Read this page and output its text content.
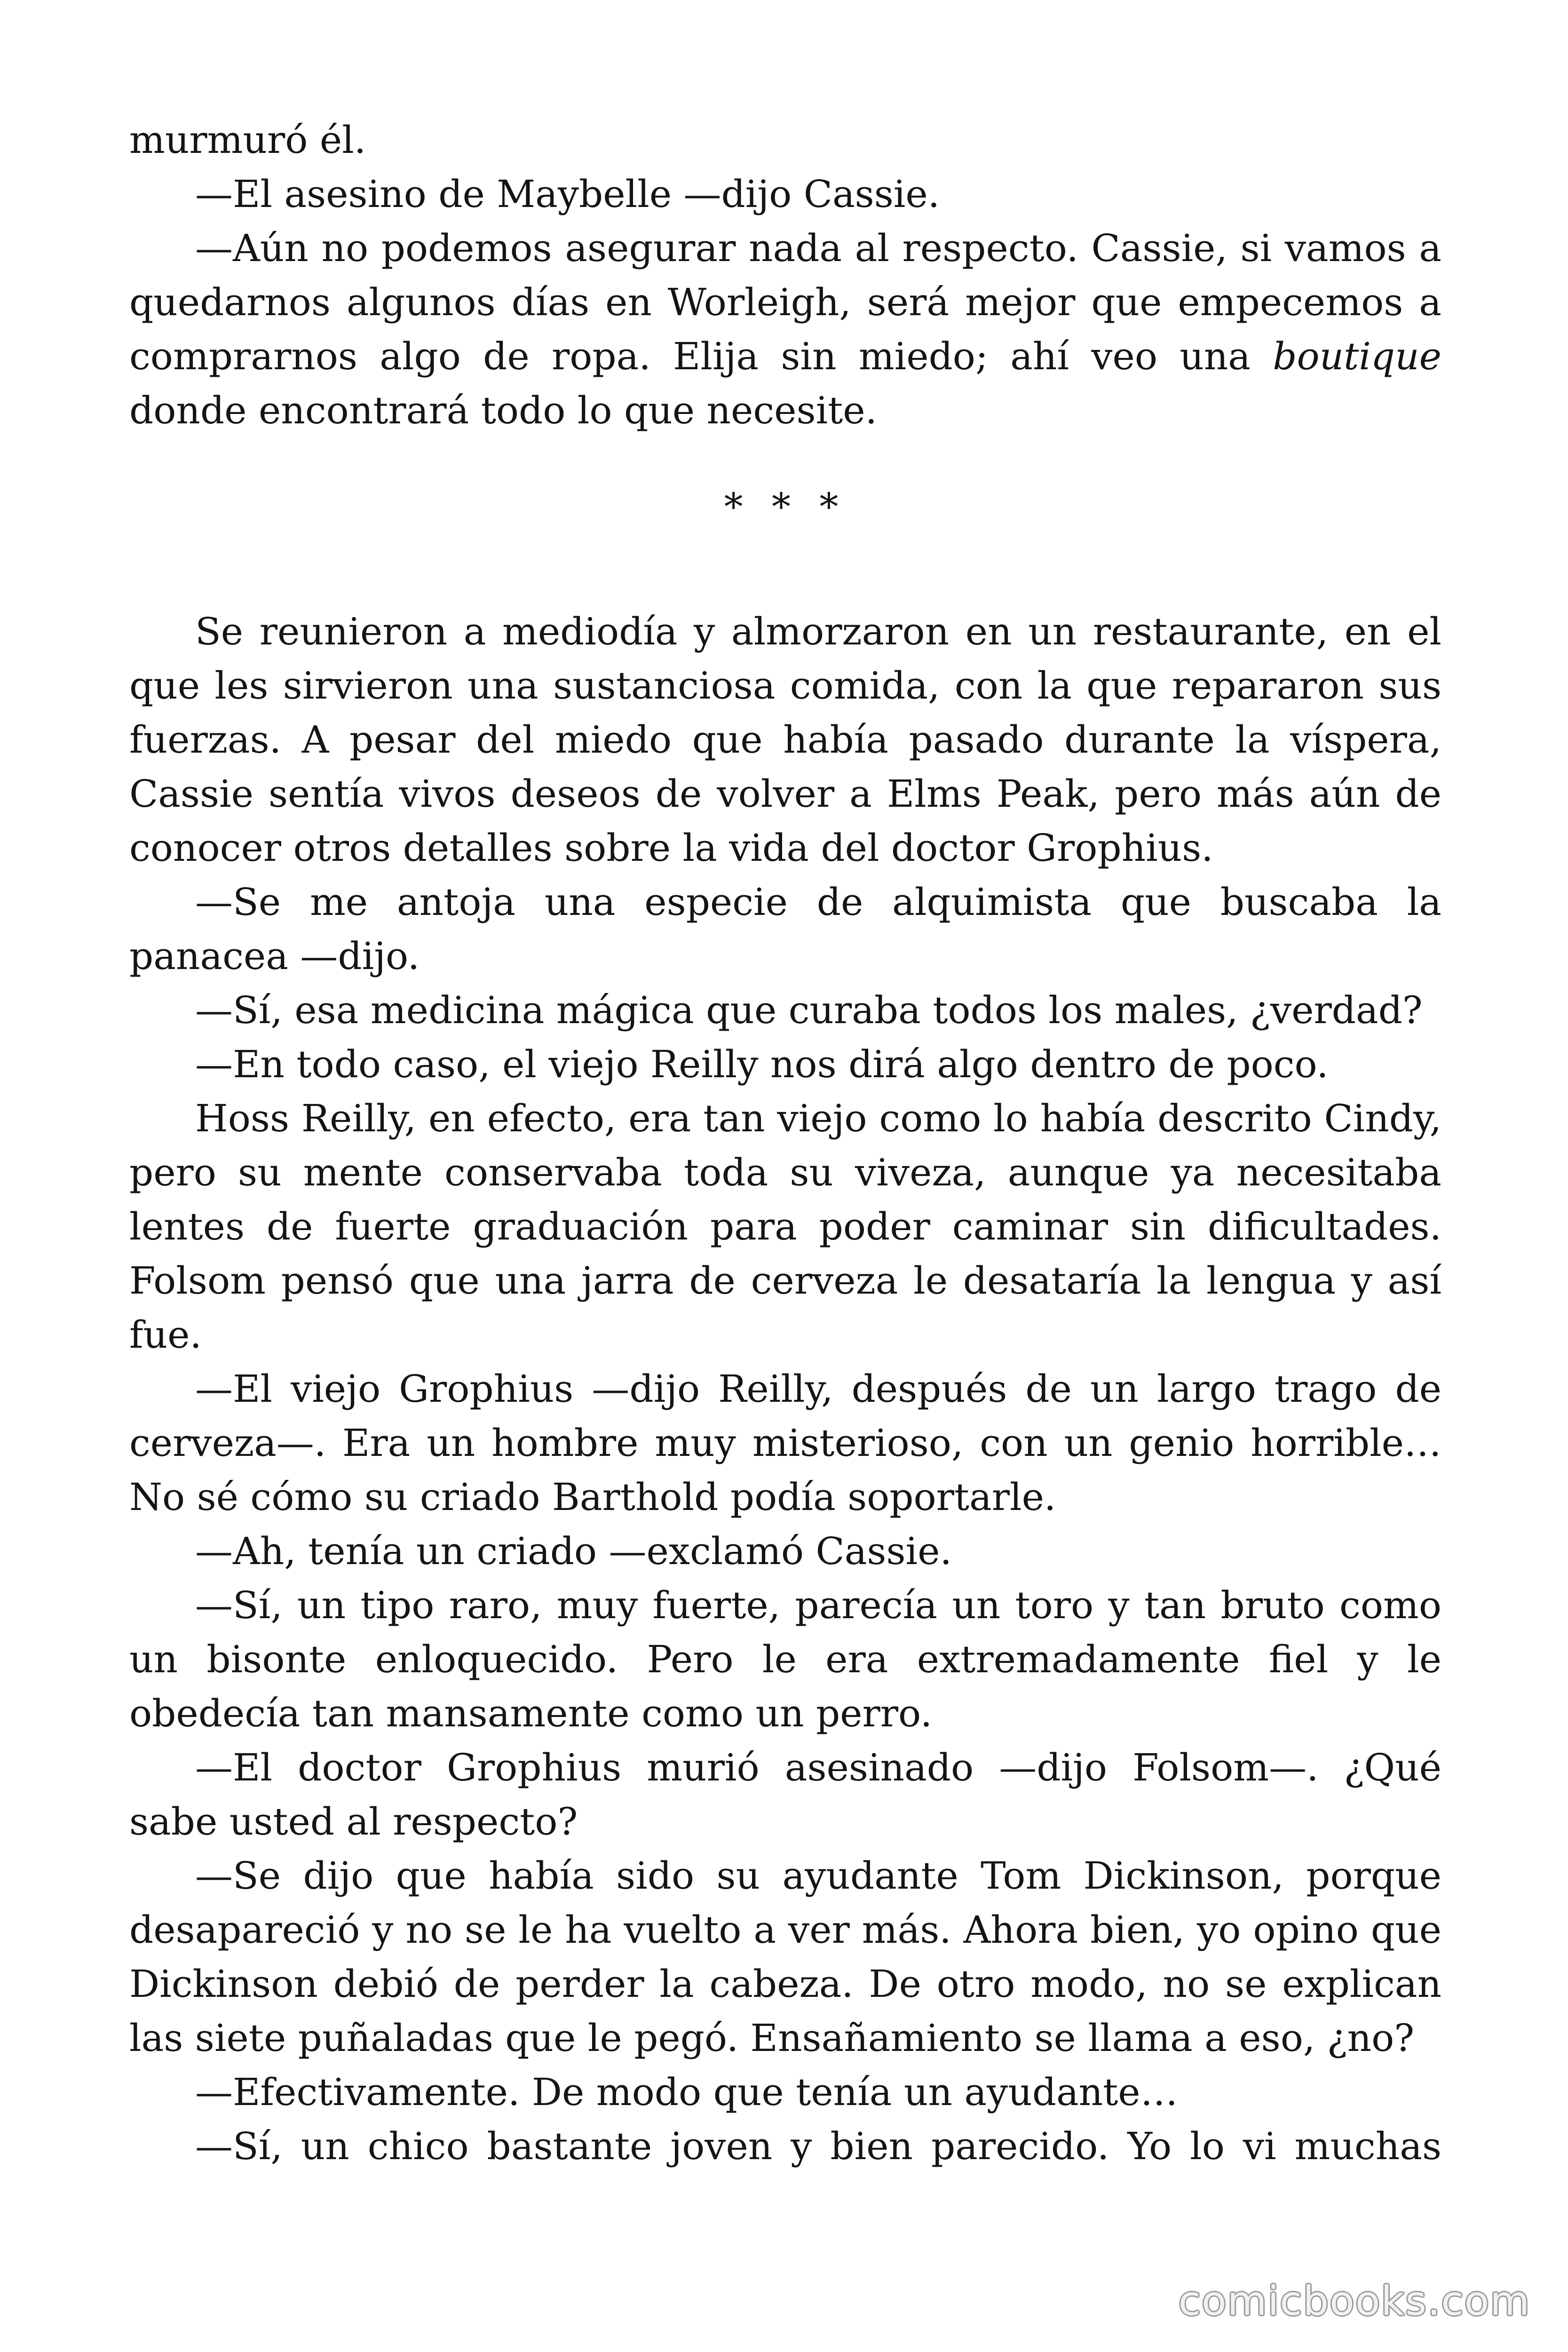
murmuró él.

—El asesino de Maybelle —dijo Cassie.

—Aún no podemos asegurar nada al respecto. Cassie, si vamos a quedarnos algunos días en Worleigh, será mejor que empecemos a comprarnos algo de ropa. Elija sin miedo; ahí veo una boutique donde encontrará todo lo que necesite.

* * *

Se reunieron a mediodía y almorzaron en un restaurante, en el que les sirvieron una sustanciosa comida, con la que repararon sus fuerzas. A pesar del miedo que había pasado durante la víspera, Cassie sentía vivos deseos de volver a Elms Peak, pero más aún de conocer otros detalles sobre la vida del doctor Grophius.

—Se me antoja una especie de alquimista que buscaba la panacea —dijo.

—Sí, esa medicina mágica que curaba todos los males, ¿verdad?

—En todo caso, el viejo Reilly nos dirá algo dentro de poco.

Hoss Reilly, en efecto, era tan viejo como lo había descrito Cindy, pero su mente conservaba toda su viveza, aunque ya necesitaba lentes de fuerte graduación para poder caminar sin dificultades. Folsom pensó que una jarra de cerveza le desataría la lengua y así fue.

—El viejo Grophius —dijo Reilly, después de un largo trago de cerveza—. Era un hombre muy misterioso, con un genio horrible… No sé cómo su criado Barthold podía soportarle.

—Ah, tenía un criado —exclamó Cassie.

—Sí, un tipo raro, muy fuerte, parecía un toro y tan bruto como un bisonte enloquecido. Pero le era extremadamente fiel y le obedecía tan mansamente como un perro.

—El doctor Grophius murió asesinado —dijo Folsom—. ¿Qué sabe usted al respecto?

—Se dijo que había sido su ayudante Tom Dickinson, porque desapareció y no se le ha vuelto a ver más. Ahora bien, yo opino que Dickinson debió de perder la cabeza. De otro modo, no se explican las siete puñaladas que le pegó. Ensañamiento se llama a eso, ¿no?

—Efectivamente. De modo que tenía un ayudante…

—Sí, un chico bastante joven y bien parecido. Yo lo vi muchas

comicbooks.com
